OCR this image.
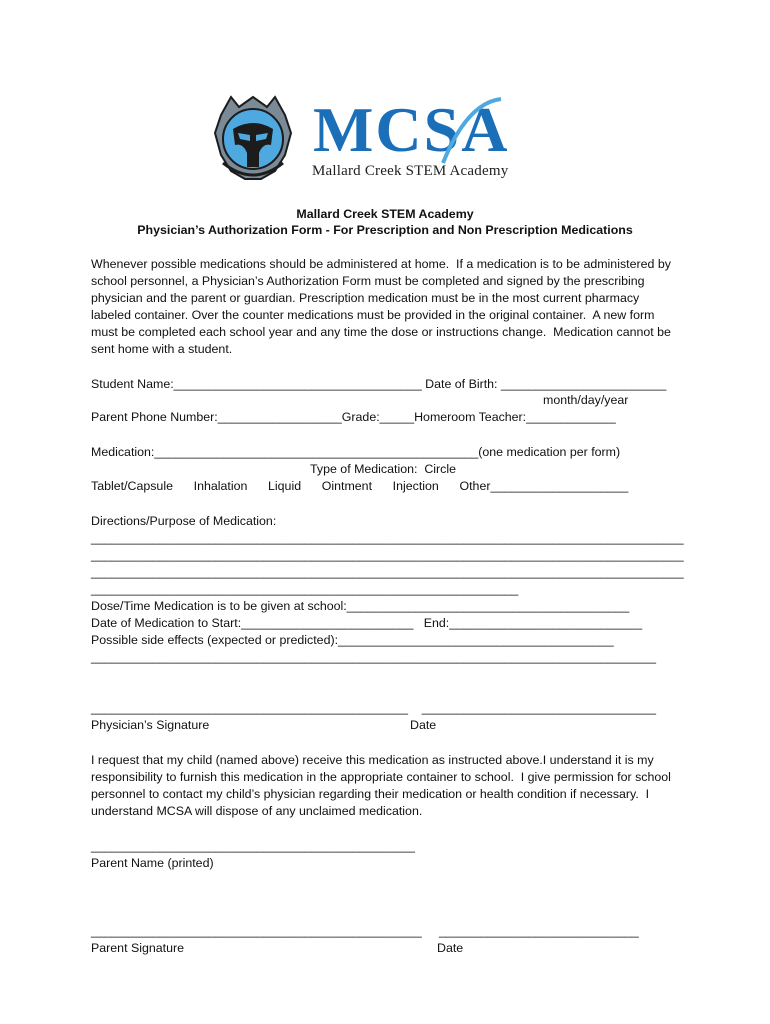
MCSA
Mallard Creek STEM Academy
Mallard Creek STEM Academy
Physician’s Authorization Form - For Prescription and Non Prescription Medications
Whenever possible medications should be administered at home.  If a medication is to be administered by
school personnel, a Physician’s Authorization Form must be completed and signed by the prescribing
physician and the parent or guardian. Prescription medication must be in the most current pharmacy
labeled container. Over the counter medications must be provided in the original container.  A new form
must be completed each school year and any time the dose or instructions change.  Medication cannot be
sent home with a student.
Student Name:____________________________________ Date of Birth: ________________________
month/day/year
Parent Phone Number:__________________Grade:_____Homeroom Teacher:_____________
Medication:_______________________________________________(one medication per form)
Type of Medication:  Circle
Tablet/Capsule      Inhalation      Liquid      Ointment      Injection      Other____________________
Directions/Purpose of Medication:
______________________________________________________________________________________
______________________________________________________________________________________
______________________________________________________________________________________
______________________________________________________________
Dose/Time Medication is to be given at school:_________________________________________
Date of Medication to Start:_________________________   End:____________________________
Possible side effects (expected or predicted):________________________________________
__________________________________________________________________________________
______________________________________________    __________________________________
Physician’s Signature	Date
I request that my child (named above) receive this medication as instructed above.I understand it is my
responsibility to furnish this medication in the appropriate container to school.  I give permission for school
personnel to contact my child’s physician regarding their medication or health condition if necessary.  I
understand MCSA will dispose of any unclaimed medication.
_______________________________________________
Parent Name (printed)
________________________________________________     _____________________________
Parent Signature	Date
